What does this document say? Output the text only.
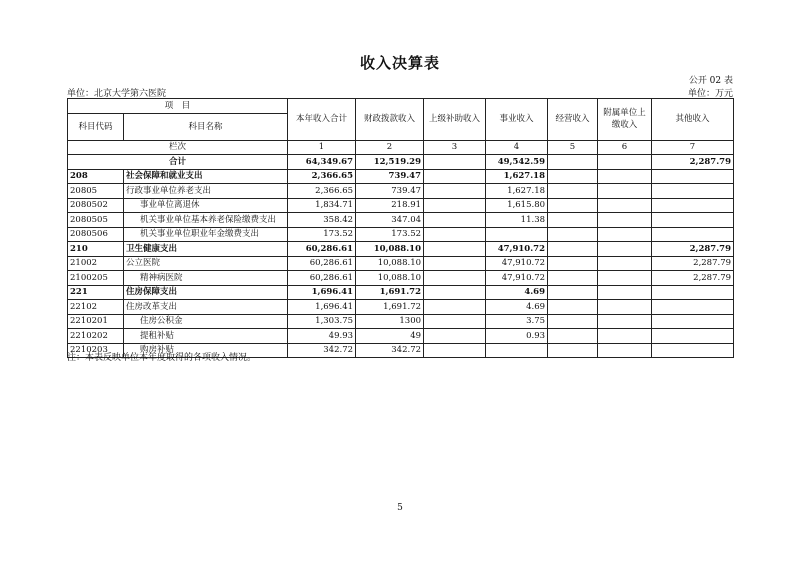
收入决算表
公开 02 表
单位：北京大学第六医院	单位：万元
项　目		本年收入合计	财政拨款收入	上级补助收入	事业收入	经营收入	附属单位上缴收入	其他收入
科目代码	科目名称							
栏次		1	2	3	4	5	6	7
合计		64,349.67	12,519.29		49,542.59			2,287.79
208	社会保障和就业支出	2,366.65	739.47		1,627.18			
20805	行政事业单位养老支出	2,366.65	739.47		1,627.18			
2080502	事业单位离退休	1,834.71	218.91		1,615.80			
2080505	机关事业单位基本养老保险缴费支出	358.42	347.04		11.38			
2080506	机关事业单位职业年金缴费支出	173.52	173.52					
210	卫生健康支出	60,286.61	10,088.10		47,910.72			2,287.79
21002	公立医院	60,286.61	10,088.10		47,910.72			2,287.79
2100205	精神病医院	60,286.61	10,088.10		47,910.72			2,287.79
221	住房保障支出	1,696.41	1,691.72		4.69			
22102	住房改革支出	1,696.41	1,691.72		4.69			
2210201	住房公积金	1,303.75	1300		3.75			
2210202	提租补贴	49.93	49		0.93			
2210203	购房补贴	342.72	342.72					
注：本表反映单位本年度取得的各项收入情况。
5
